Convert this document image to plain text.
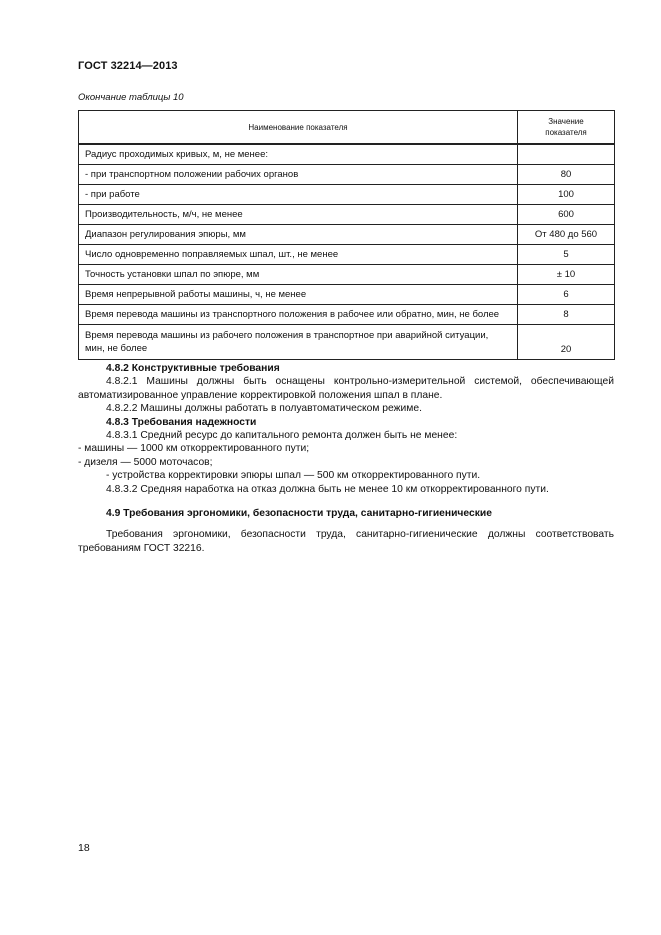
ГОСТ 32214—2013
Окончание таблицы 10
Наименование показателя	Значение
показателя

Радиус проходимых кривых, м, не менее:	
- при транспортном положении рабочих органов	80
- при работе	100
Производительность, м/ч, не менее	600
Диапазон регулирования эпюры, мм	От 480 до 560
Число одновременно поправляемых шпал, шт., не менее	5
Точность установки шпал по эпюре, мм	± 10
Время непрерывной работы машины, ч, не менее	6
Время перевода машины из транспортного положения в рабочее или обратно, мин, не более	8
Время перевода машины из рабочего положения в транспортное при аварийной ситуации,
мин, не более	20

4.8.2 Конструктивные требования

4.8.2.1 Машины должны быть оснащены контрольно-измерительной системой, обеспечивающей автоматизированное управление корректировкой положения шпал в плане.

4.8.2.2 Машины должны работать в полуавтоматическом режиме.

4.8.3 Требования надежности

4.8.3.1 Средний ресурс до капитального ремонта должен быть не менее:

- машины — 1000 км откорректированного пути;

- дизеля — 5000 моточасов;

- устройства корректировки эпюры шпал — 500 км откорректированного пути.

4.8.3.2 Средняя наработка на отказ должна быть не менее 10 км откорректированного пути.

4.9 Требования эргономики, безопасности труда, санитарно-гигиенические

Требования эргономики, безопасности труда, санитарно-гигиенические должны соответствовать требованиям ГОСТ 32216.

18
